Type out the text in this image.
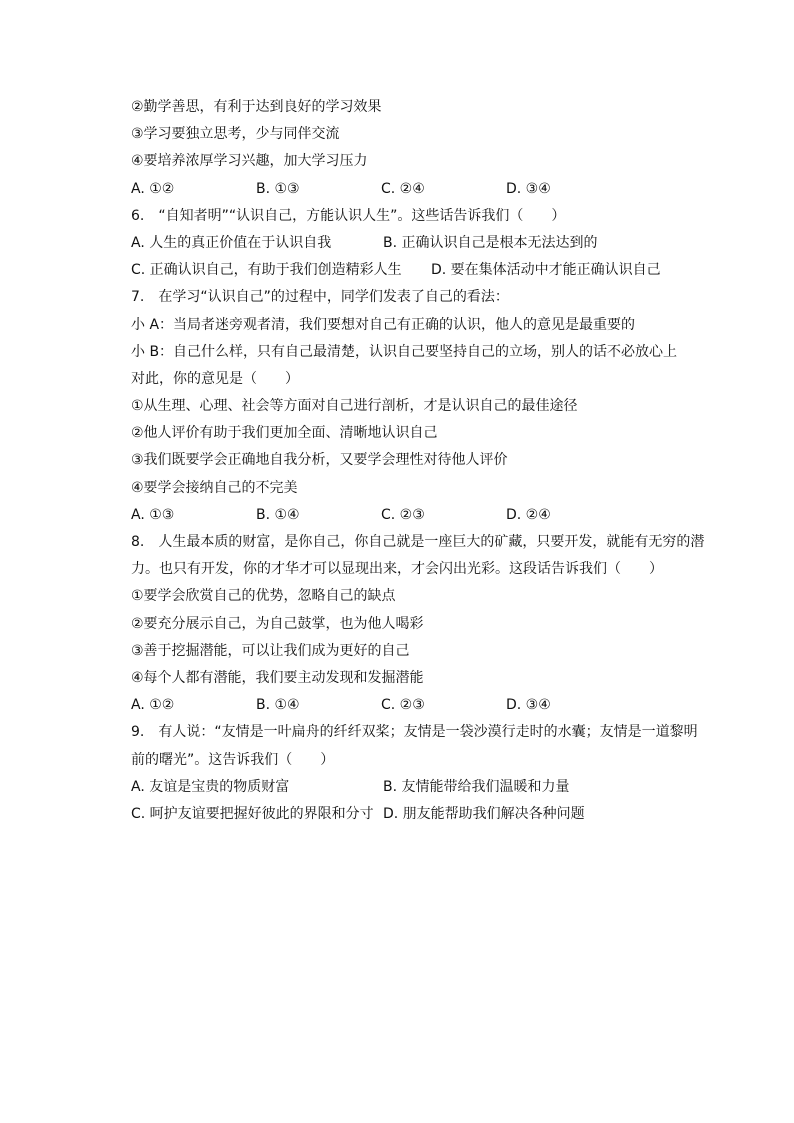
②勤学善思，有利于达到良好的学习效果
③学习要独立思考，少与同伴交流
④要培养浓厚学习兴趣，加大学习压力
A. ①②	B. ①③	C. ②④	D. ③④
6.　“自知者明”“认识自己，方能认识人生”。这些话告诉我们（　　）
A. 人生的真正价值在于认识自我	B. 正确认识自己是根本无法达到的
C. 正确认识自己，有助于我们创造精彩人生	D. 要在集体活动中才能正确认识自己
7.　在学习“认识自己”的过程中，同学们发表了自己的看法：
小 A：当局者迷旁观者清，我们要想对自己有正确的认识，他人的意见是最重要的
小 B：自己什么样，只有自己最清楚，认识自己要坚持自己的立场，别人的话不必放心上
对此，你的意见是（　　）
①从生理、心理、社会等方面对自己进行剖析，才是认识自己的最佳途径
②他人评价有助于我们更加全面、清晰地认识自己
③我们既要学会正确地自我分析，又要学会理性对待他人评价
④要学会接纳自己的不完美
A. ①③	B. ①④	C. ②③	D. ②④
8.　人生最本质的财富，是你自己，你自己就是一座巨大的矿藏，只要开发，就能有无穷的潜
力。也只有开发，你的才华才可以显现出来，才会闪出光彩。这段话告诉我们（　　）
①要学会欣赏自己的优势，忽略自己的缺点
②要充分展示自己，为自己鼓掌，也为他人喝彩
③善于挖掘潜能，可以让我们成为更好的自己
④每个人都有潜能，我们要主动发现和发掘潜能
A. ①②	B. ①④	C. ②③	D. ③④
9.　有人说：“友情是一叶扁舟的纤纤双桨；友情是一袋沙漠行走时的水囊；友情是一道黎明
前的曙光”。这告诉我们（　　）
A. 友谊是宝贵的物质财富	B. 友情能带给我们温暖和力量
C. 呵护友谊要把握好彼此的界限和分寸 D. 朋友能帮助我们解决各种问题
